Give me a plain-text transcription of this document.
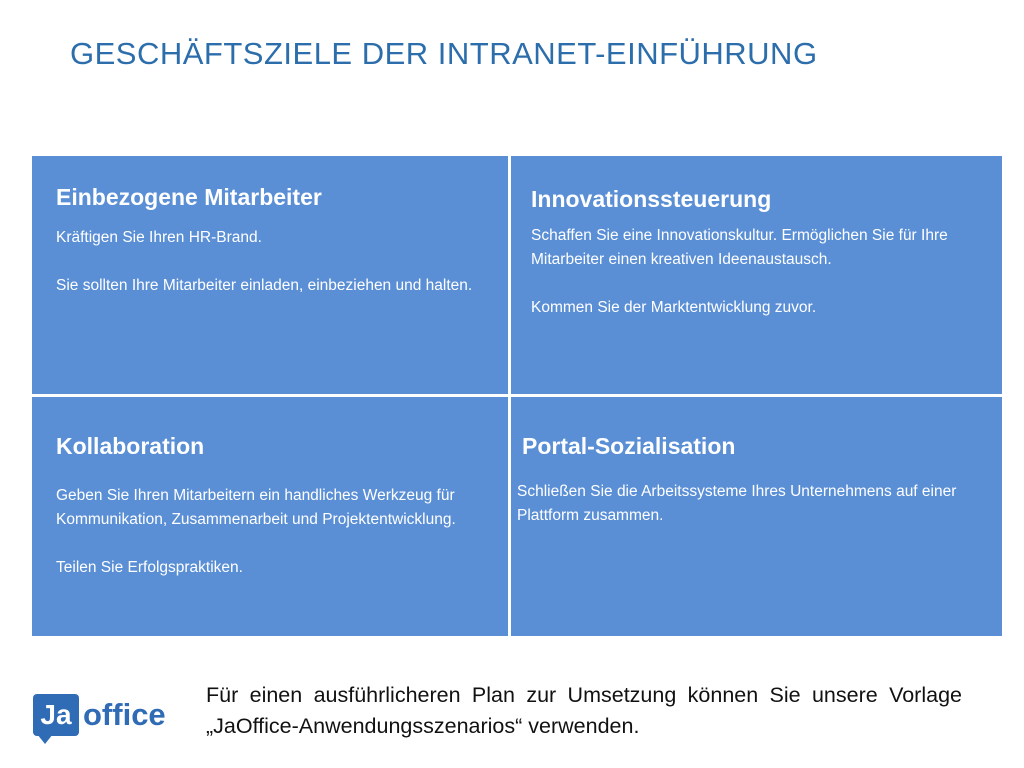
GESCHÄFTSZIELE DER INTRANET-EINFÜHRUNG
Einbezogene Mitarbeiter

Kräftigen Sie Ihren HR-Brand.

Sie sollten Ihre Mitarbeiter einladen, einbeziehen und halten.

Innovationssteuerung

Schaffen Sie eine Innovationskultur. Ermöglichen Sie für Ihre Mitarbeiter einen kreativen Ideenaustausch.

Kommen Sie der Marktentwicklung zuvor.

Kollaboration

Geben Sie Ihren Mitarbeitern ein handliches Werkzeug für Kommunikation, Zusammenarbeit und Projektentwicklung.

Teilen Sie Erfolgspraktiken.

Portal-Sozialisation

Schließen Sie die Arbeitssysteme Ihres Unternehmens auf einer Plattform zusammen.

Ja office

Für einen ausführlicheren Plan zur Umsetzung können Sie unsere Vorlage „JaOffice-Anwendungsszenarios“ verwenden.
